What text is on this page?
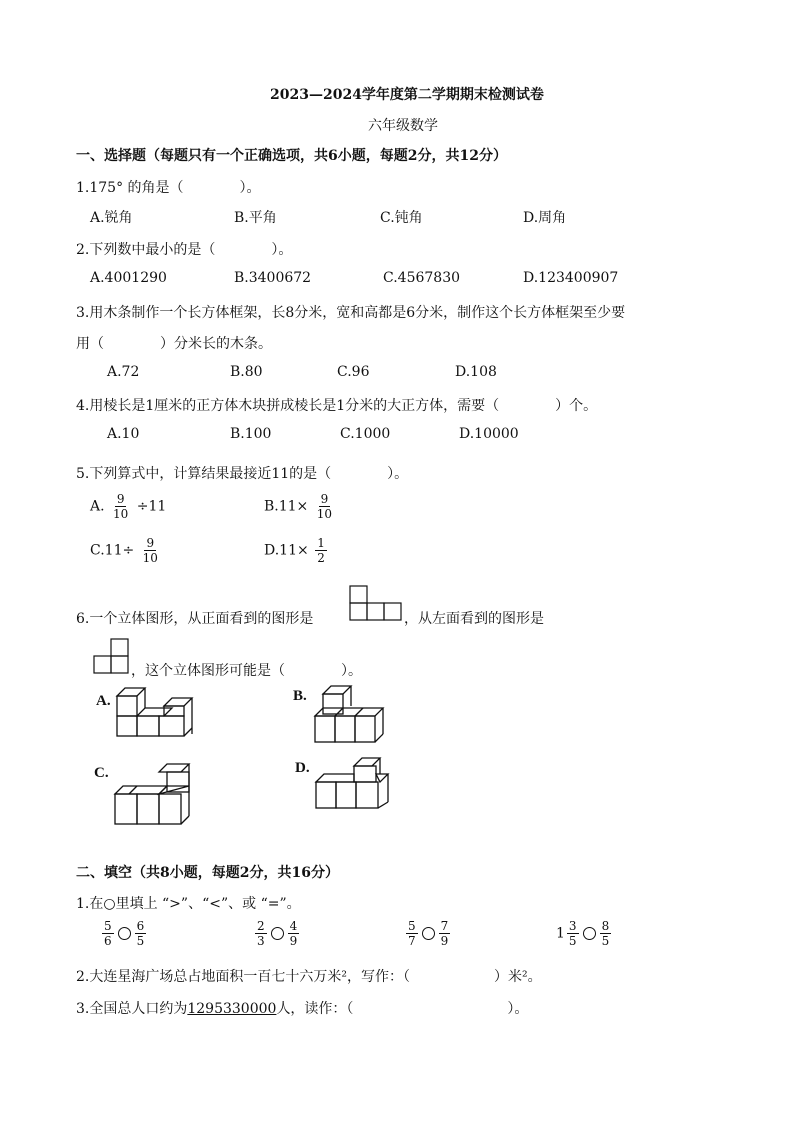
2023—2024学年度第二学期期末检测试卷
六年级数学
一、选择题（每题只有一个正确选项，共6小题，每题2分，共12分）
1.175° 的角是（　　　　）。
A.锐角	B.平角	C.钝角	D.周角
2.下列数中最小的是（　　　　）。
A.4001290	B.3400672	C.4567830	D.123400907
3.用木条制作一个长方体框架，长8分米，宽和高都是6分米，制作这个长方体框架至少要
用（　　　　）分米长的木条。
A.72	B.80	C.96	D.108
4.用棱长是1厘米的正方体木块拼成棱长是1分米的大正方体，需要（　　　　）个。
A.10	B.100	C.1000	D.10000
5.下列算式中，计算结果最接近11的是（　　　　）。
A. $\frac{9}{10} \div 11$	$B.11\times \frac{9}{10}$
$C.11\div \frac{9}{10}$	$D.11\times \frac{1}{2}$
6.一个立体图形，从正面看到的图形是	，从左面看到的图形是
，这个立体图形可能是（　　　　）。
A.	B.
C.	D.
二、填空（共8小题，每题2分，共16分）
1.在○里填上 “>”、“<”、或 “=”。
$\frac{5}{6} \frac{6}{5}$	$\frac{2}{3} \frac{4}{9}$	$\frac{5}{7} \frac{7}{9}$	$1 \frac{3}{5} \frac{8}{5}$
2.大连星海广场总占地面积一百七十六万米²，写作：（　　　　　　）米²。
3.全国总人口约为1295330000人，读作：（　　　　　　　　　　　）。
